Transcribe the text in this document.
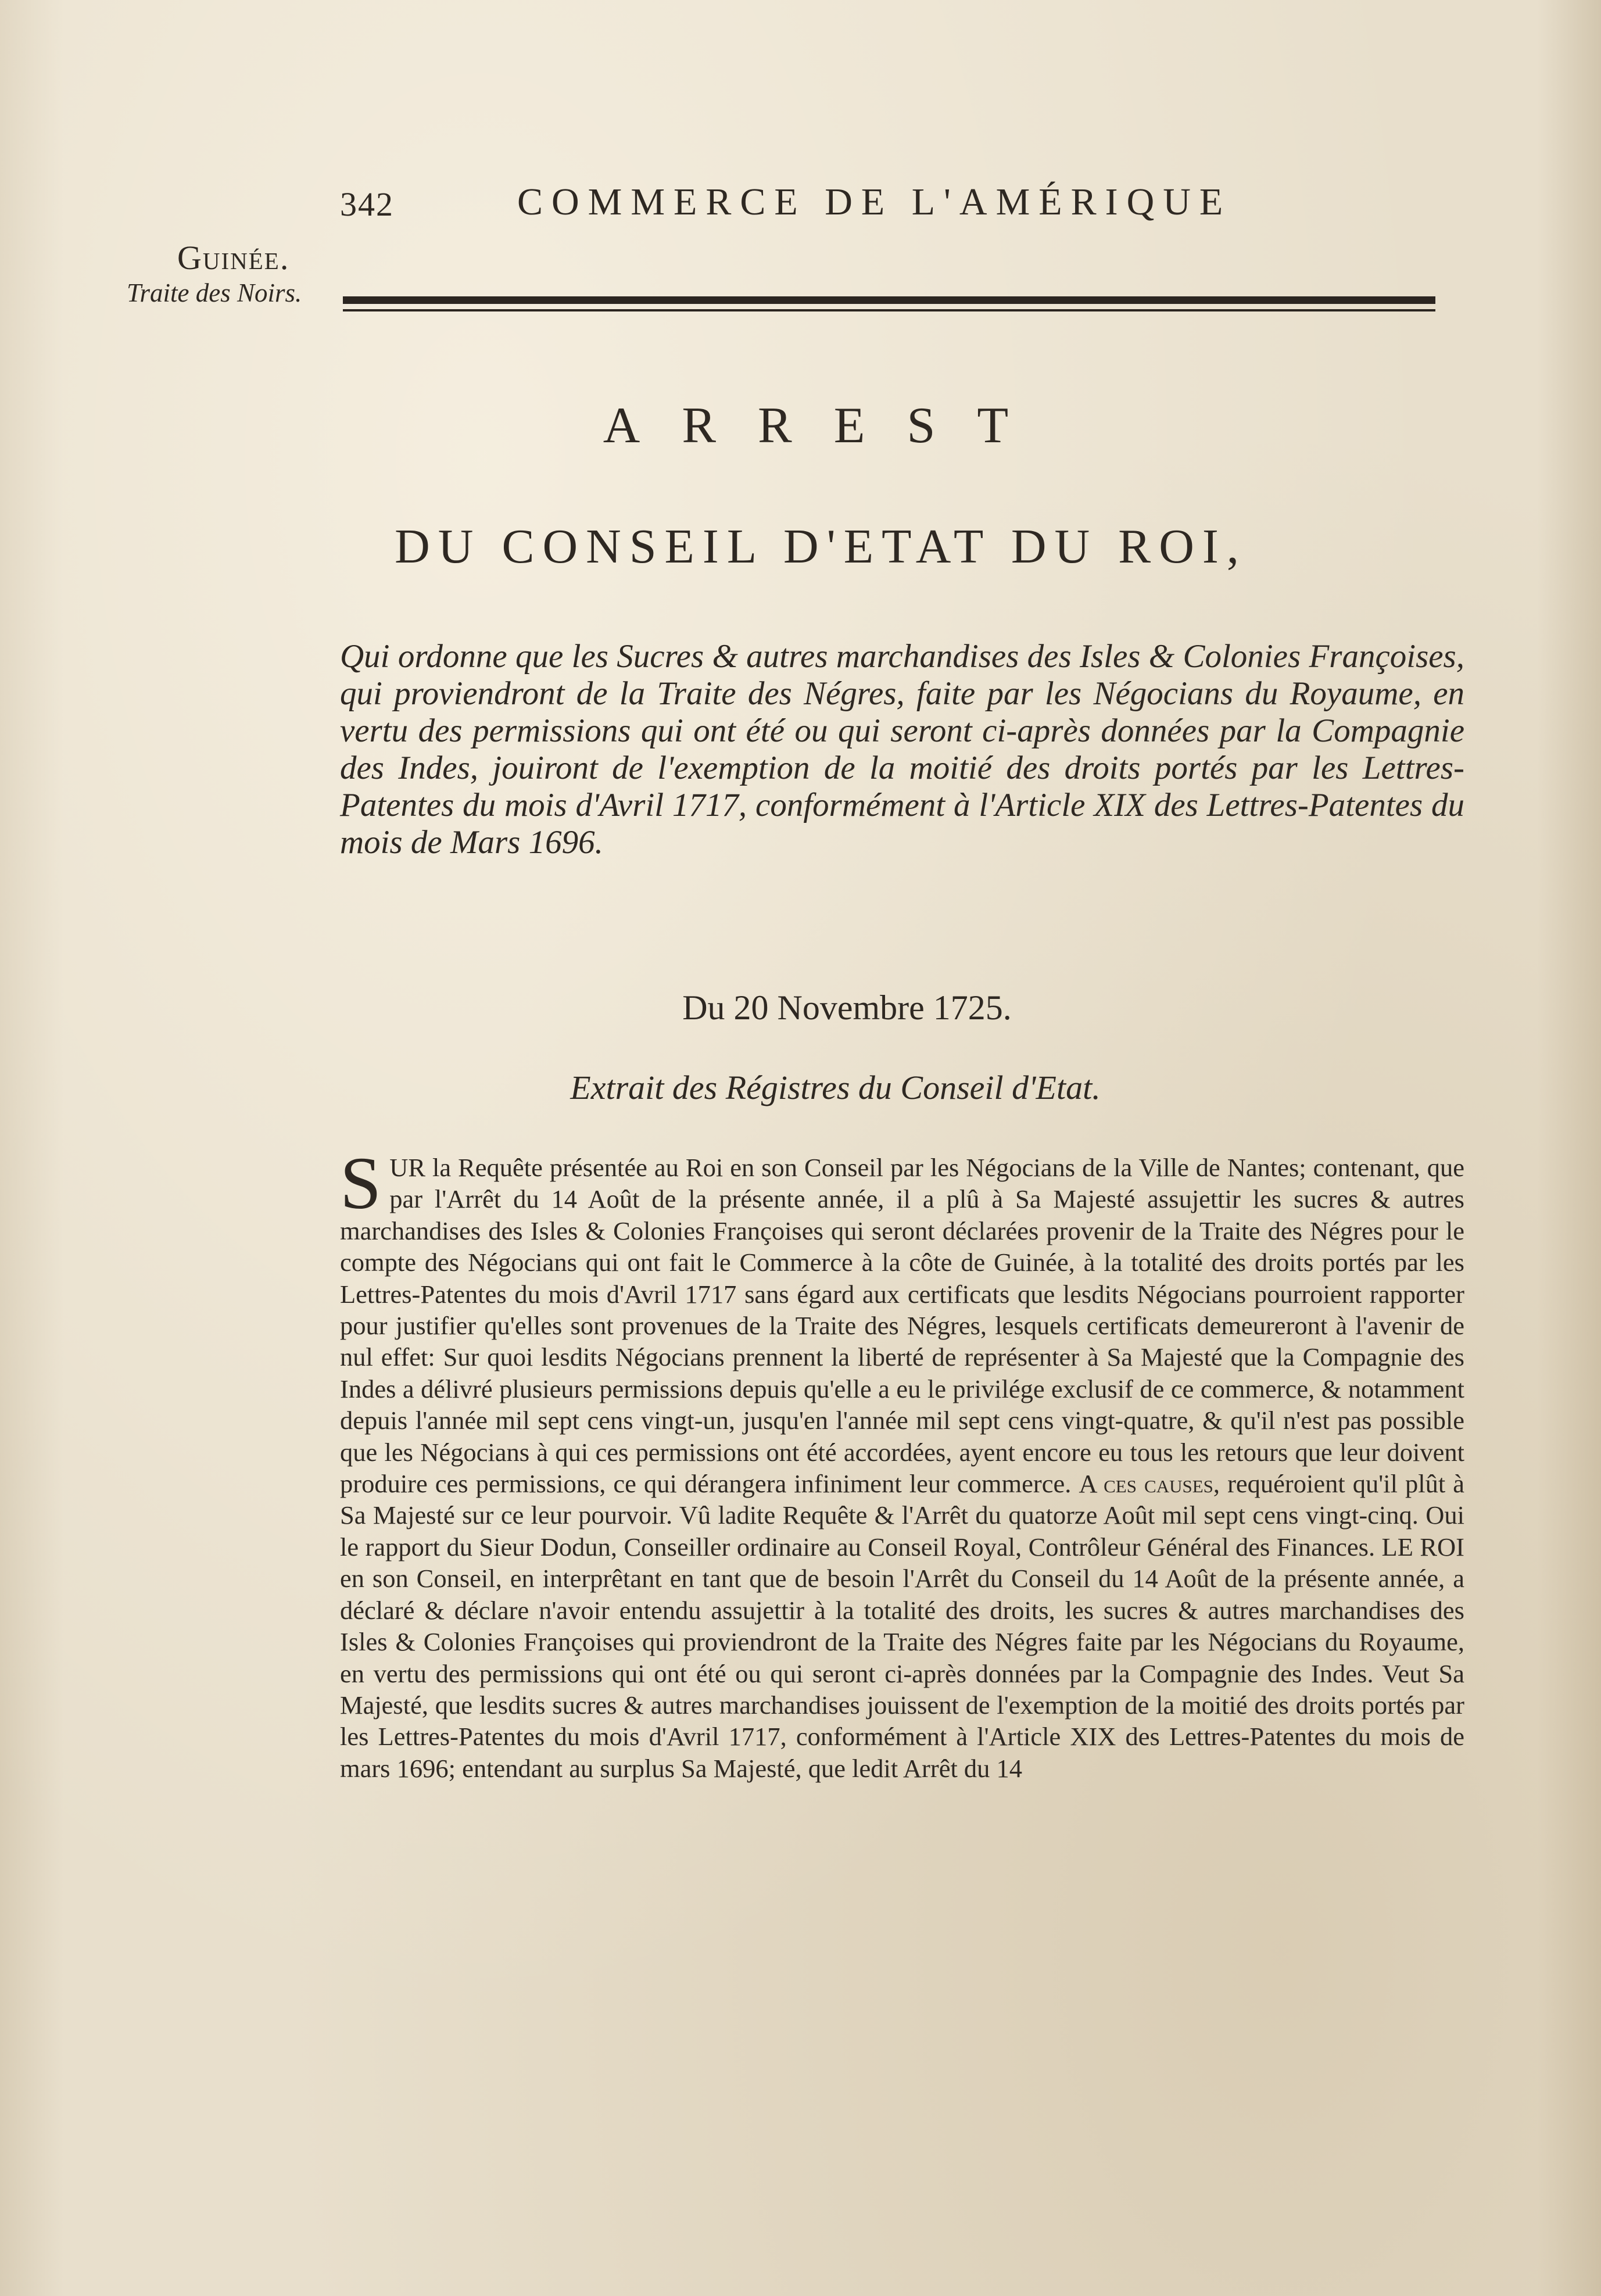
342	COMMERCE DE L'AMÉRIQUE
Guinée.
Traite des Noirs.
ARREST
DU CONSEIL D'ETAT DU ROI,
Qui ordonne que les Sucres & autres marchandises des Isles & Colonies Françoises, qui proviendront de la Traite des Négres, faite par les Négocians du Royaume, en vertu des permissions qui ont été ou qui seront ci-après données par la Compagnie des Indes, jouiront de l'exemption de la moitié des droits portés par les Lettres-Patentes du mois d'Avril 1717, conformément à l'Article XIX des Lettres-Patentes du mois de Mars 1696.
Du 20 Novembre 1725.
Extrait des Régistres du Conseil d'Etat.
SUR la Requête présentée au Roi en son Conseil par les Négocians de la Ville de Nantes; contenant, que par l'Arrêt du 14 Août de la présente année, il a plû à Sa Majesté assujettir les sucres & autres marchandises des Isles & Colonies Françoises qui seront déclarées provenir de la Traite des Négres pour le compte des Négocians qui ont fait le Commerce à la côte de Guinée, à la totalité des droits portés par les Lettres-Patentes du mois d'Avril 1717 sans égard aux certificats que lesdits Négocians pourroient rapporter pour justifier qu'elles sont provenues de la Traite des Négres, lesquels certificats demeureront à l'avenir de nul effet: Sur quoi lesdits Négocians prennent la liberté de représenter à Sa Majesté que la Compagnie des Indes a délivré plusieurs permissions depuis qu'elle a eu le privilége exclusif de ce commerce, & notamment depuis l'année mil sept cens vingt-un, jusqu'en l'année mil sept cens vingt-quatre, & qu'il n'est pas possible que les Négocians à qui ces permissions ont été accordées, ayent encore eu tous les retours que leur doivent produire ces permissions, ce qui dérangera infiniment leur commerce. A ces causes, requéroient qu'il plût à Sa Majesté sur ce leur pourvoir. Vû ladite Requête & l'Arrêt du quatorze Août mil sept cens vingt-cinq. Oui le rapport du Sieur Dodun, Conseiller ordinaire au Conseil Royal, Contrôleur Général des Finances. LE ROI en son Conseil, en interprêtant en tant que de besoin l'Arrêt du Conseil du 14 Août de la présente année, a déclaré & déclare n'avoir entendu assujettir à la totalité des droits, les sucres & autres marchandises des Isles & Colonies Françoises qui proviendront de la Traite des Négres faite par les Négocians du Royaume, en vertu des permissions qui ont été ou qui seront ci-après données par la Compagnie des Indes. Veut Sa Majesté, que lesdits sucres & autres marchandises jouissent de l'exemption de la moitié des droits portés par les Lettres-Patentes du mois d'Avril 1717, conformément à l'Article XIX des Lettres-Patentes du mois de mars 1696; entendant au surplus Sa Majesté, que ledit Arrêt du 14
